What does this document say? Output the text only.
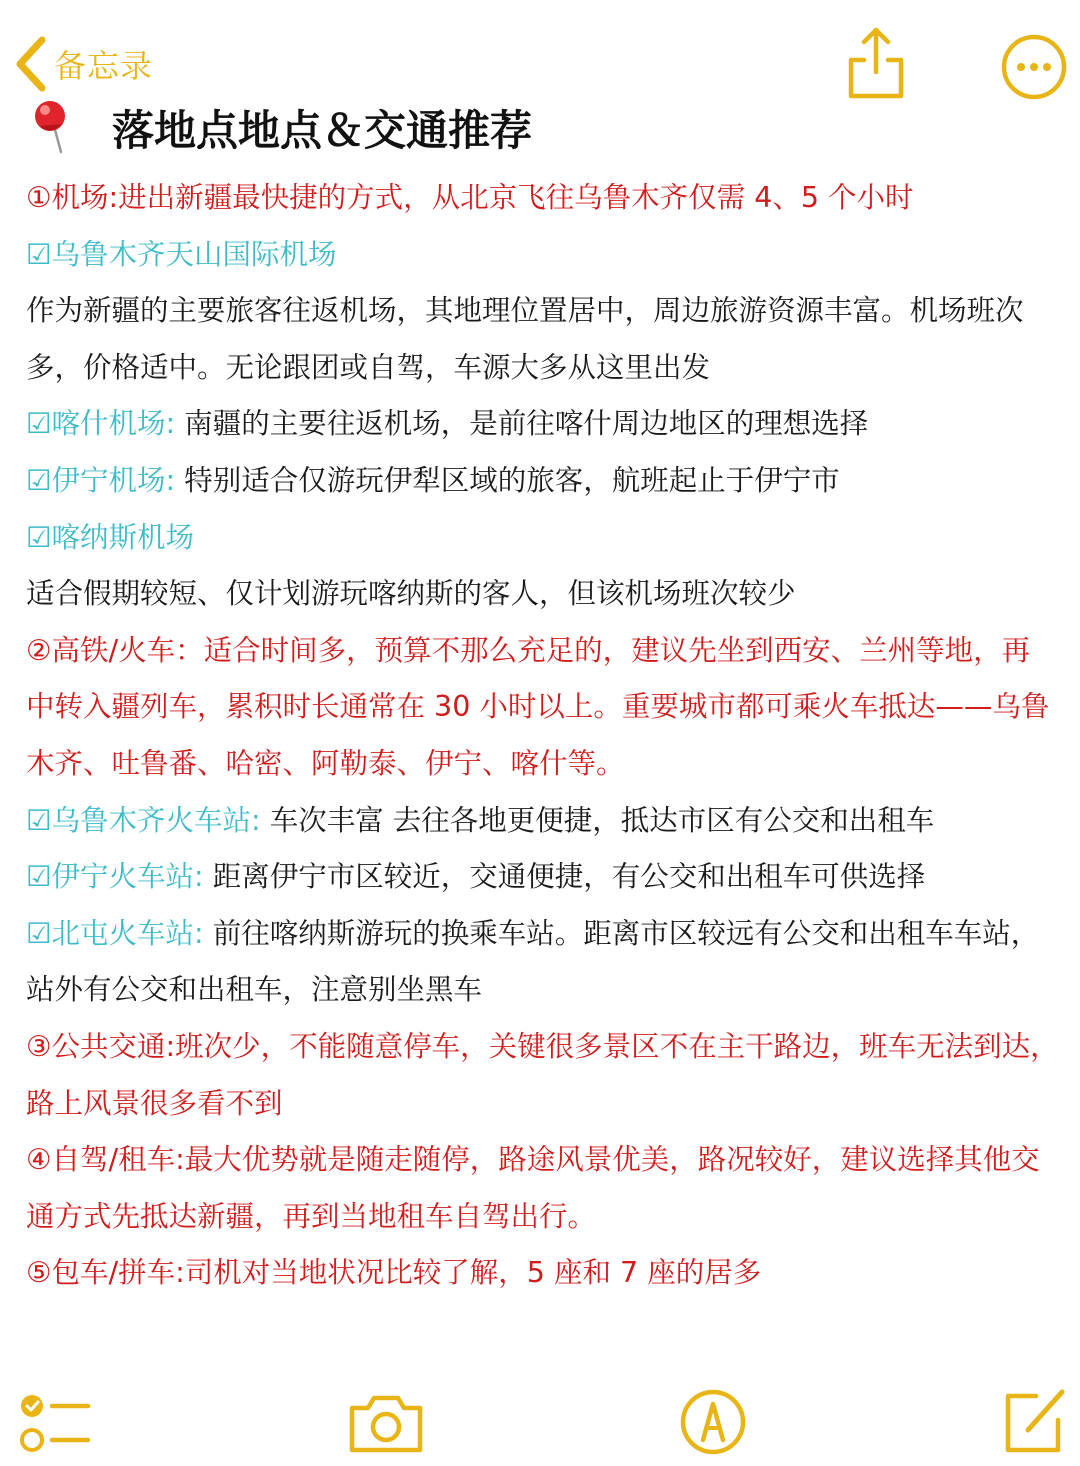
备忘录
落地点地点＆交通推荐
①机场:进出新疆最快捷的方式，从北京飞往乌鲁木齐仅需 4、5 个小时
☑乌鲁木齐天山国际机场
作为新疆的主要旅客往返机场，其地理位置居中，周边旅游资源丰富。机场班次
多，价格适中。无论跟团或自驾，车源大多从这里出发
☑喀什机场: 南疆的主要往返机场，是前往喀什周边地区的理想选择
☑伊宁机场: 特别适合仅游玩伊犁区域的旅客，航班起止于伊宁市
☑喀纳斯机场
适合假期较短、仅计划游玩喀纳斯的客人，但该机场班次较少
②高铁/火车：适合时间多，预算不那么充足的，建议先坐到西安、兰州等地，再
中转入疆列车，累积时长通常在 30 小时以上。重要城市都可乘火车抵达——乌鲁
木齐、吐鲁番、哈密、阿勒泰、伊宁、喀什等。
☑乌鲁木齐火车站: 车次丰富 去往各地更便捷，抵达市区有公交和出租车
☑伊宁火车站: 距离伊宁市区较近，交通便捷，有公交和出租车可供选择
☑北屯火车站: 前往喀纳斯游玩的换乘车站。距离市区较远有公交和出租车车站，
站外有公交和出租车，注意别坐黑车
③公共交通:班次少，不能随意停车，关键很多景区不在主干路边，班车无法到达，
路上风景很多看不到
④自驾/租车:最大优势就是随走随停，路途风景优美，路况较好，建议选择其他交
通方式先抵达新疆，再到当地租车自驾出行。
⑤包车/拼车:司机对当地状况比较了解，5 座和 7 座的居多
